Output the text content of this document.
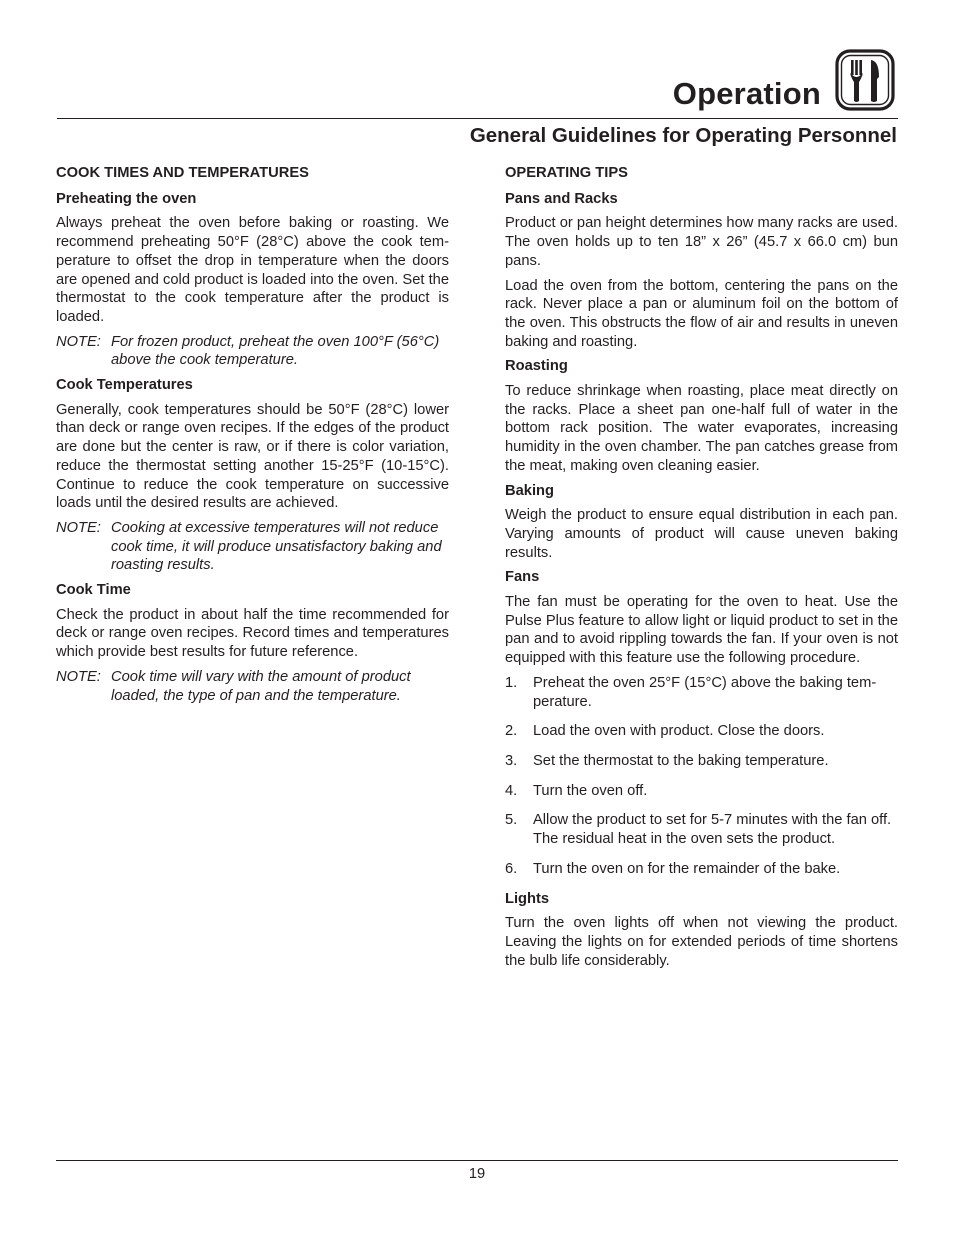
Operation
General Guidelines for Operating Personnel
COOK TIMES AND TEMPERATURES
Preheating the oven

Always preheat the oven before baking or roasting. We recommend preheating 50°F (28°C) above the cook temperature to offset the drop in temperature when the doors are opened and cold product is loaded into the oven. Set the thermostat to the cook temperature after the product is loaded.

NOTE: For frozen product, preheat the oven 100°F (56°C) above the cook temperature.
Cook Temperatures

Generally, cook temperatures should be 50°F (28°C) lower than deck or range oven recipes. If the edges of the product are done but the center is raw, or if there is color variation, reduce the thermostat setting another 15-25°F (10-15°C). Continue to reduce the cook temperature on successive loads until the desired results are achieved.

NOTE: Cooking at excessive temperatures will not reduce cook time, it will produce unsatisfactory baking and roasting results.
Cook Time

Check the product in about half the time recommended for deck or range oven recipes. Record times and temperatures which provide best results for future reference.

NOTE: Cook time will vary with the amount of product loaded, the type of pan and the temperature.
OPERATING TIPS
Pans and Racks

Product or pan height determines how many racks are used. The oven holds up to ten 18” x 26” (45.7 x 66.0 cm) bun pans.

Load the oven from the bottom, centering the pans on the rack. Never place a pan or aluminum foil on the bottom of the oven. This obstructs the flow of air and results in uneven baking and roasting.

Roasting

To reduce shrinkage when roasting, place meat directly on the racks. Place a sheet pan one-half full of water in the bottom rack position. The water evaporates, increasing humidity in the oven chamber. The pan catches grease from the meat, making oven cleaning easier.

Baking

Weigh the product to ensure equal distribution in each pan. Varying amounts of product will cause uneven baking results.

Fans

The fan must be operating for the oven to heat. Use the Pulse Plus feature to allow light or liquid product to set in the pan and to avoid rippling towards the fan. If your oven is not equipped with this feature use the following procedure.

1.	Preheat the oven 25°F (15°C) above the baking temperature.
2.	Load the oven with product. Close the doors.
3.	Set the thermostat to the baking temperature.
4.	Turn the oven off.
5.	Allow the product to set for 5-7 minutes with the fan off. The residual heat in the oven sets the product.
6.	Turn the oven on for the remainder of the bake.
Lights

Turn the oven lights off when not viewing the product. Leaving the lights on for extended periods of time shortens the bulb life considerably.

19
